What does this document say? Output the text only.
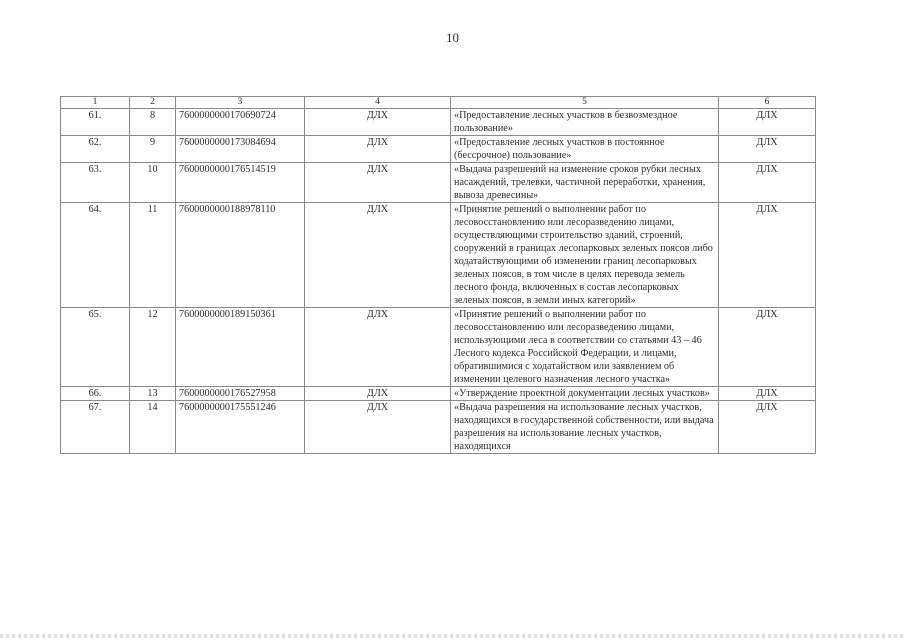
10
1	2	3	4	5	6
61.	8	7600000000170690724	ДЛХ	«Предоставление лесных участков в безвозмездное пользование»	ДЛХ
62.	9	7600000000173084694	ДЛХ	«Предоставление лесных участков в постоянное (бессрочное) пользование»	ДЛХ
63.	10	7600000000176514519	ДЛХ	«Выдача разрешений на изменение сроков рубки лесных насаждений, трелевки, частичной переработки, хранения, вывоза древесины»	ДЛХ
64.	11	7600000000188978110	ДЛХ	«Принятие решений о выполнении работ по лесовосстановлению или лесоразведению лицами, осуществляющими строительство зданий, строений, сооружений в границах лесопарковых зеленых поясов либо ходатайствующими об изменении границ лесопарковых зеленых поясов, в том числе в целях перевода земель лесного фонда, включенных в состав лесопарковых зеленых поясов, в земли иных категорий»	ДЛХ
65.	12	7600000000189150361	ДЛХ	«Принятие решений о выполнении работ по лесовосстановлению или лесоразведению лицами, использующими леса в соответствии со статьями 43 – 46 Лесного кодекса Российской Федерации, и лицами, обратившимися с ходатайством или заявлением об изменении целевого назначения лесного участка»	ДЛХ
66.	13	7600000000176527958	ДЛХ	«Утверждение проектной документации лесных участков»	ДЛХ
67.	14	7600000000175551246	ДЛХ	«Выдача разрешения на использование лесных участков, находящихся в государственной собственности, или выдача разрешения на использование лесных участков, находящихся	ДЛХ
